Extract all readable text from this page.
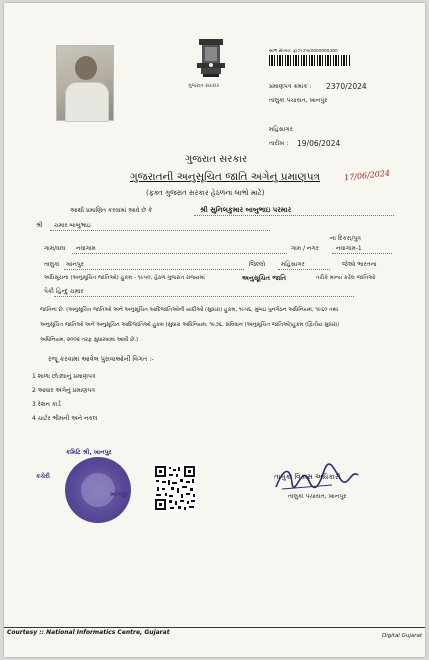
ગુજરાત સરકાર
સાભ સંખ્યા: ફાઝાઝ્ય૦૨૦૦૦૦૨૩૨૦
પ્રમાણપત્ર ક્રમાંક : 2370/2024
તાલુકા પંચાયત, ખાનપુર
મહિસાગર
તારીખ : 19/06/2024
17/06/2024
ગુજરાત સરકાર
ગુજરાતની અનુસૂચિત જાતિ અંગેનું પ્રમાણપત્ર
(ફક્ત ગુજરાત સરકાર હેઠળના લાભો માટે)
આથી પ્રમાણિત કરવામાં આવે છે કે	શ્રી સુનિલકુમાર બાબુભાઇ પરમાર
શ્રી ચમાર બાબુભાઇ
ના દિકરા/પુત્ર
ગામ/વાઘ નવાગામ	ગામ / નગર	નવાગામ-1
તાલુકા ખાનપુર	જિલ્લો	મહિસાગર	જેઓ ભારતના
અધિસૂચના (અનુસૂચિત જાતિઓ) હુકમ - ૧૯૫૦, હેઠળ ગુજરાત રાજ્યમાં	અનુસૂચિત જાતિ	તરીકે માન્ય કરેલ જાતિઓ
પૈકી હિન્દુ ચમાર
જાતિના છે. (અનુસૂચિત જાતિઓ અને અનુસૂચિત આદિજાતિઓની યાદીઓ (સુધારા) હુકમ, ૧૯૫૬, મુંબઇ પુનર્ગઠન અધિનિયમ, ૧૯૬૦ તથા
અનુસૂચિત જાતિઓ અને અનુસૂચિત આદિજાતિઓ હુકમ (સુધારા અધિનિયમ, ૧૯૭૬, સંવિધાન (અનુસૂચિત જાતિઓ)હુકમ (દ્વિતીય સુધારા)
અધિનિયમ, ૨૦૦૨ તરફ સુધારવામાં આવી છે.)
રજૂ કરવામાં આવેલ પુરાવાઓની વિગત :-
1 શાળા છોડ્યાનું પ્રમાણપત્ર
2 આધાર અંગેનું પ્રમાણપત્ર
3 રેશન કાર્ડ
4 ચાર્ટર ભીમની અને નકલ
કમિટિ શ્રી, ખાનપુર
કચેરી
ખાનપુર
તાલુકા વિકાસ અધિકારી
તાલુકા પંચાયત, ખાનપુર
Courtesy :: National Informatics Centre, Gujarat	Digital Gujarat
